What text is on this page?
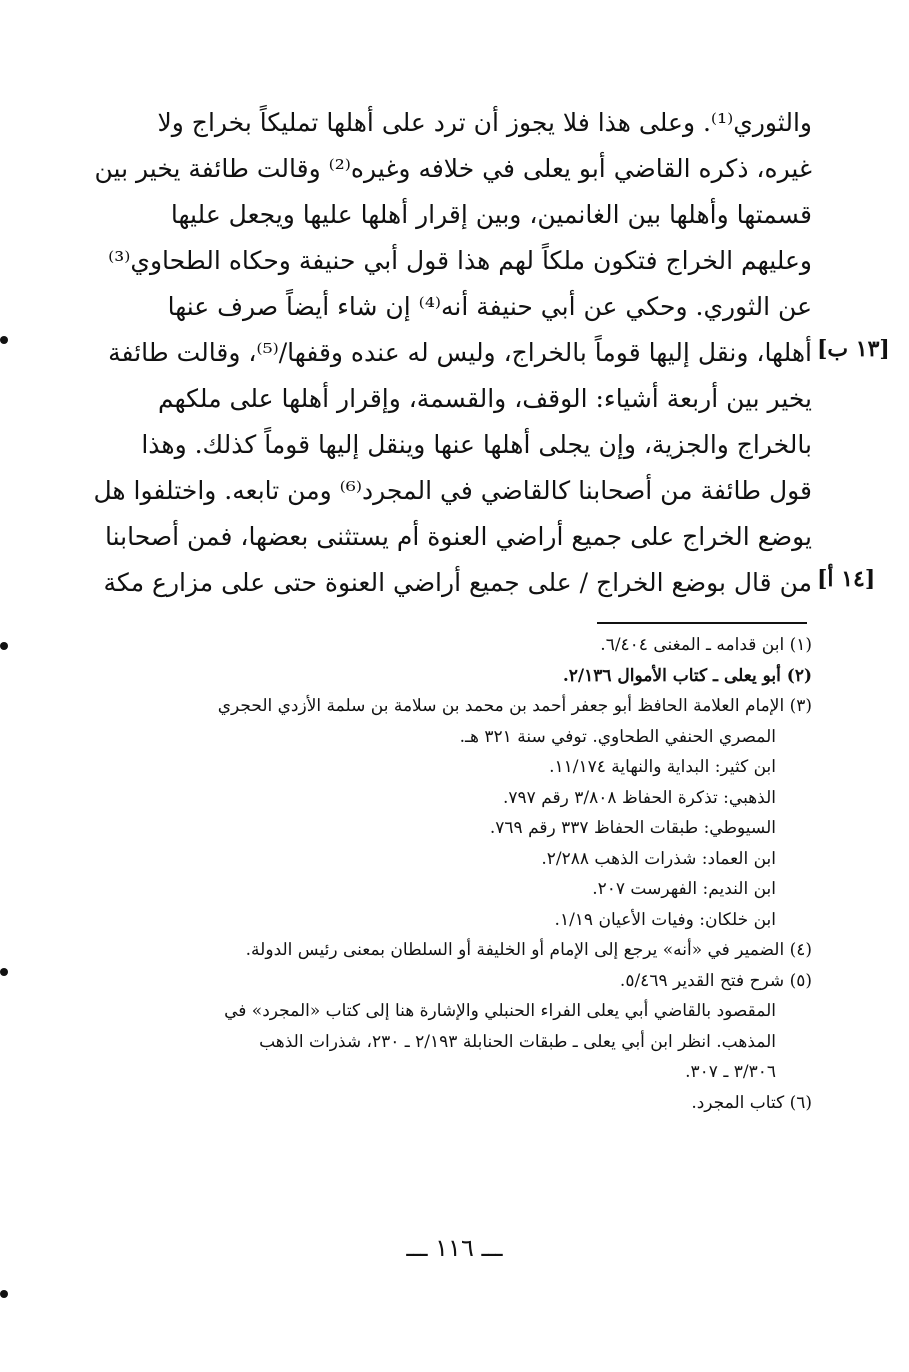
والثوري⁽¹⁾. وعلى هذا فلا يجوز أن ترد على أهلها تمليكاً بخراج ولا
غيره، ذكره القاضي أبو يعلى في خلافه وغيره⁽²⁾ وقالت طائفة يخير بين
قسمتها وأهلها بين الغانمين، وبين إقرار أهلها عليها ويجعل عليها
وعليهم الخراج فتكون ملكاً لهم هذا قول أبي حنيفة وحكاه الطحاوي⁽³⁾
عن الثوري. وحكي عن أبي حنيفة أنه⁽⁴⁾ إن شاء أيضاً صرف عنها
أهلها، ونقل إليها قوماً بالخراج، وليس له عنده وقفها/⁽⁵⁾، وقالت طائفة
يخير بين أربعة أشياء: الوقف، والقسمة، وإقرار أهلها على ملكهم
بالخراج والجزية، وإن يجلى أهلها عنها وينقل إليها قوماً كذلك. وهذا
قول طائفة من أصحابنا كالقاضي في المجرد⁽⁶⁾ ومن تابعه. واختلفوا هل
يوضع الخراج على جميع أراضي العنوة أم يستثنى بعضها، فمن أصحابنا
من قال بوضع الخراج / على جميع أراضي العنوة حتى على مزارع مكة
[١٣ ب]
[١٤ أ]
(١) ابن قدامه ـ المغنى ٦/٤٠٤.
(٢) أبو يعلى ـ كتاب الأموال ٢/١٣٦.
(٣) الإمام العلامة الحافظ أبو جعفر أحمد بن محمد بن سلامة بن سلمة الأزدي الحجري
المصري الحنفي الطحاوي. توفي سنة ٣٢١ هـ.
ابن كثير: البداية والنهاية ١١/١٧٤.
الذهبي: تذكرة الحفاظ ٣/٨٠٨ رقم ٧٩٧.
السيوطي: طبقات الحفاظ ٣٣٧ رقم ٧٦٩.
ابن العماد: شذرات الذهب ٢/٢٨٨.
ابن النديم: الفهرست ٢٠٧.
ابن خلكان: وفيات الأعيان ١/١٩.
(٤) الضمير في «أنه» يرجع إلى الإمام أو الخليفة أو السلطان بمعنى رئيس الدولة.
(٥) شرح فتح القدير ٥/٤٦٩.
المقصود بالقاضي أبي يعلى الفراء الحنبلي والإشارة هنا إلى كتاب «المجرد» في
المذهب. انظر ابن أبي يعلى ـ طبقات الحنابلة ٢/١٩٣ ـ ٢٣٠، شذرات الذهب
٣/٣٠٦ ـ ٣٠٧.
(٦) كتاب المجرد.
ـــ ١١٦ ـــ
